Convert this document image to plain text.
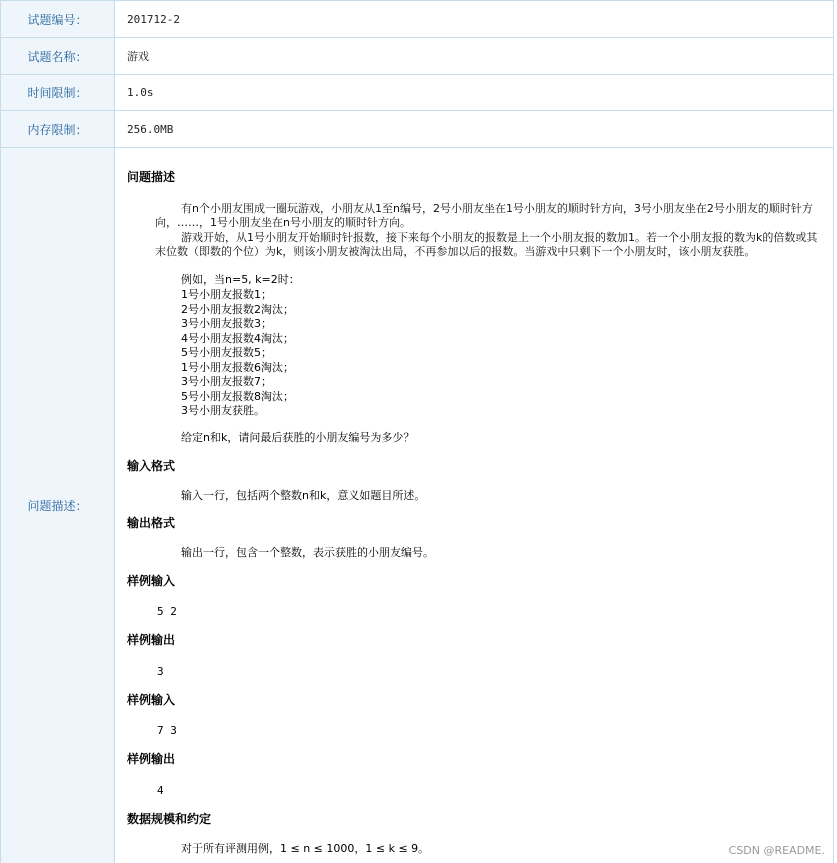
试题编号：	201712-2
试题名称：	游戏
时间限制：	1.0s
内存限制：	256.0MB
问题描述：
问题描述
有n个小朋友围成一圈玩游戏，小朋友从1至n编号，2号小朋友坐在1号小朋友的顺时针方向，3号小朋友坐在2号小朋友的顺时针方向，……，1号小朋友坐在n号小朋友的顺时针方向。
游戏开始，从1号小朋友开始顺时针报数，接下来每个小朋友的报数是上一个小朋友报的数加1。若一个小朋友报的数为k的倍数或其末位数（即数的个位）为k，则该小朋友被淘汰出局，不再参加以后的报数。当游戏中只剩下一个小朋友时，该小朋友获胜。
例如，当n=5, k=2时：
1号小朋友报数1；
2号小朋友报数2淘汰；
3号小朋友报数3；
4号小朋友报数4淘汰；
5号小朋友报数5；
1号小朋友报数6淘汰；
3号小朋友报数7；
5号小朋友报数8淘汰；
3号小朋友获胜。
给定n和k，请问最后获胜的小朋友编号为多少？
输入格式
输入一行，包括两个整数n和k，意义如题目所述。
输出格式
输出一行，包含一个整数，表示获胜的小朋友编号。
样例输入
5 2
样例输出
3
样例输入
7 3
样例输出
4
数据规模和约定
对于所有评测用例，1 ≤ n ≤ 1000，1 ≤ k ≤ 9。	CSDN @README.
